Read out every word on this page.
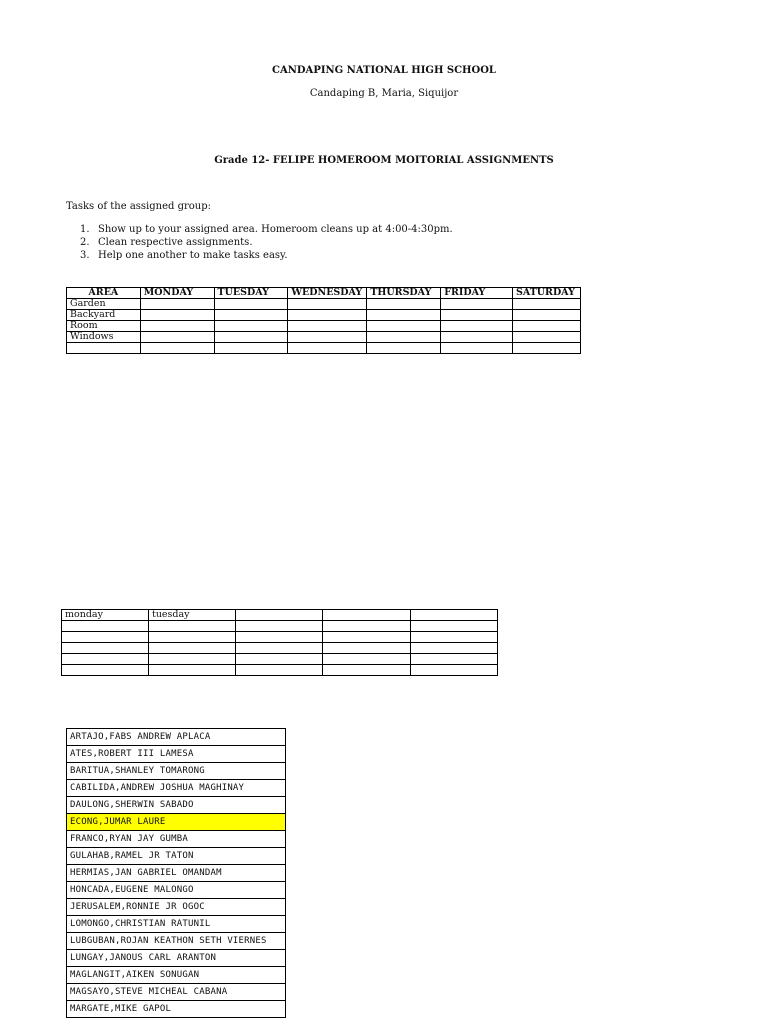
CANDAPING NATIONAL HIGH SCHOOL
Candaping B, Maria, Siquijor
Grade 12- FELIPE HOMEROOM MOITORIAL ASSIGNMENTS
Tasks of the assigned group:
1. Show up to your assigned area. Homeroom cleans up at 4:00-4:30pm.
2. Clean respective assignments.
3. Help one another to make tasks easy.
AREA	MONDAY	TUESDAY	WEDNESDAY	THURSDAY	FRIDAY	SATURDAY
Garden						
Backyard						
Room						
Windows						

monday	tuesday			

ARTAJO,FABS ANDREW APLACA
ATES,ROBERT III LAMESA
BARITUA,SHANLEY TOMARONG
CABILIDA,ANDREW JOSHUA MAGHINAY
DAULONG,SHERWIN SABADO
ECONG,JUMAR LAURE
FRANCO,RYAN JAY GUMBA
GULAHAB,RAMEL JR TATON
HERMIAS,JAN GABRIEL OMANDAM
HONCADA,EUGENE MALONGO
JERUSALEM,RONNIE JR OGOC
LOMONGO,CHRISTIAN RATUNIL
LUBGUBAN,ROJAN KEATHON SETH VIERNES
LUNGAY,JANOUS CARL ARANTON
MAGLANGIT,AIKEN SONUGAN
MAGSAYO,STEVE MICHEAL CABANA
MARGATE,MIKE GAPOL
